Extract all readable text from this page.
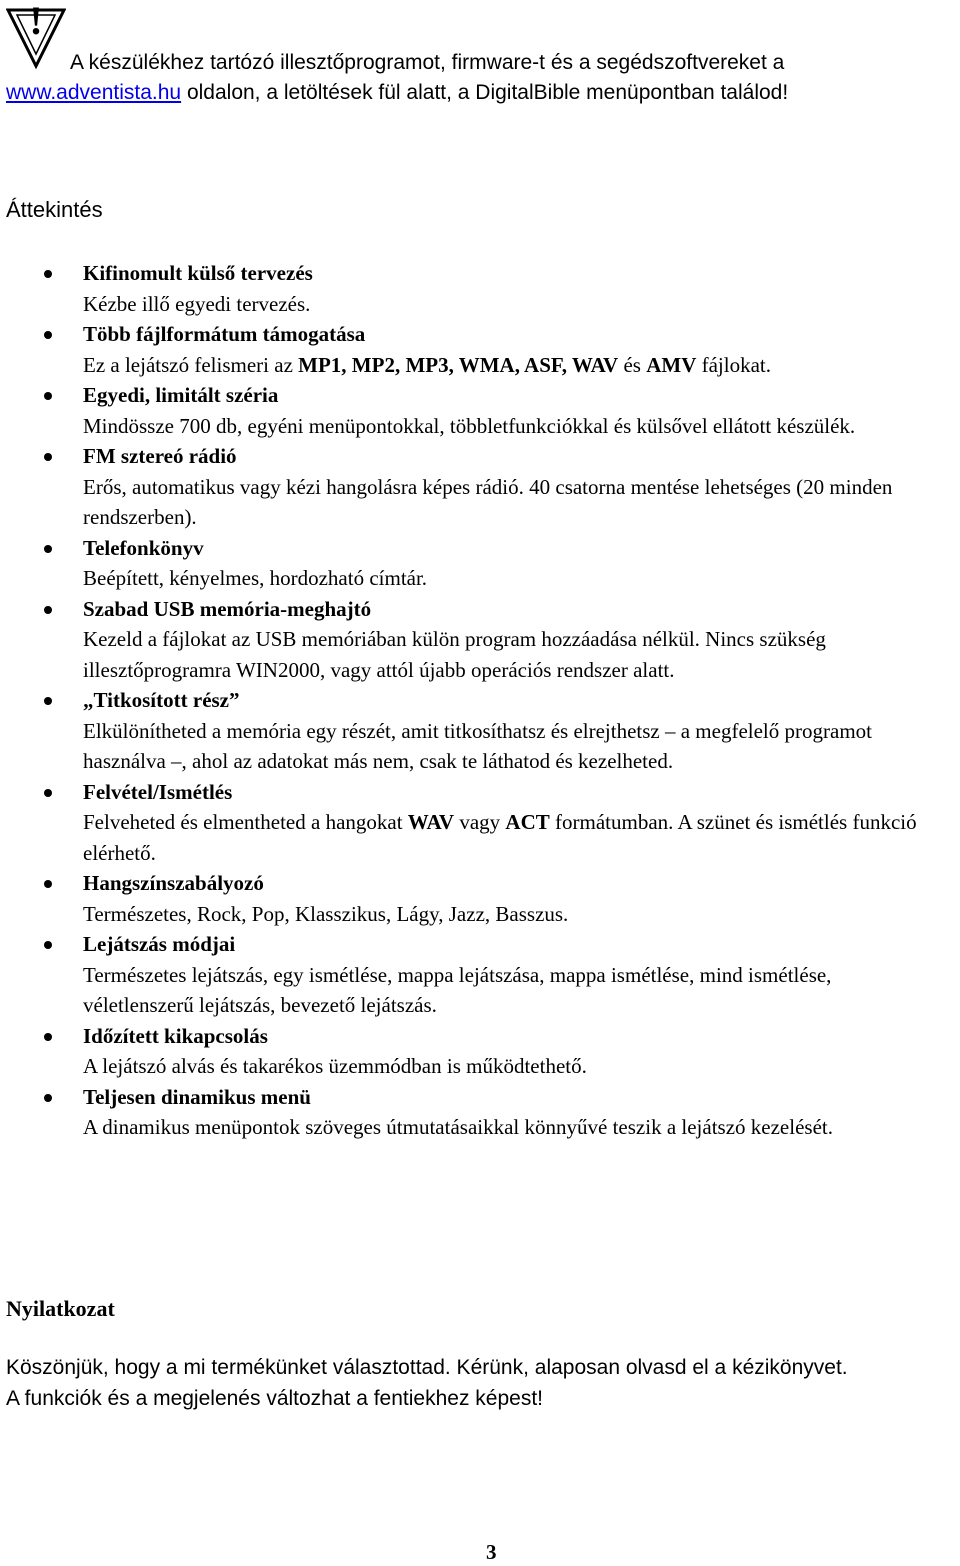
!
A készülékhez tartózó illesztőprogramot, firmware-t és a segédszoftvereket a
www.adventista.hu oldalon, a letöltések fül alatt, a DigitalBible menüpontban találod!
Áttekintés
Kifinomult külső tervezés
Kézbe illő egyedi tervezés.
Több fájlformátum támogatása
Ez a lejátszó felismeri az MP1, MP2, MP3, WMA, ASF, WAV és AMV fájlokat.
Egyedi, limitált széria
Mindössze 700 db, egyéni menüpontokkal, többletfunkciókkal és külsővel ellátott készülék.
FM sztereó rádió
Erős, automatikus vagy kézi hangolásra képes rádió. 40 csatorna mentése lehetséges (20 minden rendszerben).
Telefonkönyv
Beépített, kényelmes, hordozható címtár.
Szabad USB memória-meghajtó
Kezeld a fájlokat az USB memóriában külön program hozzáadása nélkül. Nincs szükség illesztőprogramra WIN2000, vagy attól újabb operációs rendszer alatt.
„Titkosított rész”
Elkülönítheted a memória egy részét, amit titkosíthatsz és elrejthetsz – a megfelelő programot használva –, ahol az adatokat más nem, csak te láthatod és kezelheted.
Felvétel/Ismétlés
Felveheted és elmentheted a hangokat WAV vagy ACT formátumban. A szünet és ismétlés funkció elérhető.
Hangszínszabályozó
Természetes, Rock, Pop, Klasszikus, Lágy, Jazz, Basszus.
Lejátszás módjai
Természetes lejátszás, egy ismétlése, mappa lejátszása, mappa ismétlése, mind ismétlése, véletlenszerű lejátszás, bevezető lejátszás.
Időzített kikapcsolás
A lejátszó alvás és takarékos üzemmódban is működtethető.
Teljesen dinamikus menü
A dinamikus menüpontok szöveges útmutatásaikkal könnyűvé teszik a lejátszó kezelését.
Nyilatkozat
Köszönjük, hogy a mi termékünket választottad. Kérünk, alaposan olvasd el a kézikönyvet.
A funkciók és a megjelenés változhat a fentiekhez képest!
3
